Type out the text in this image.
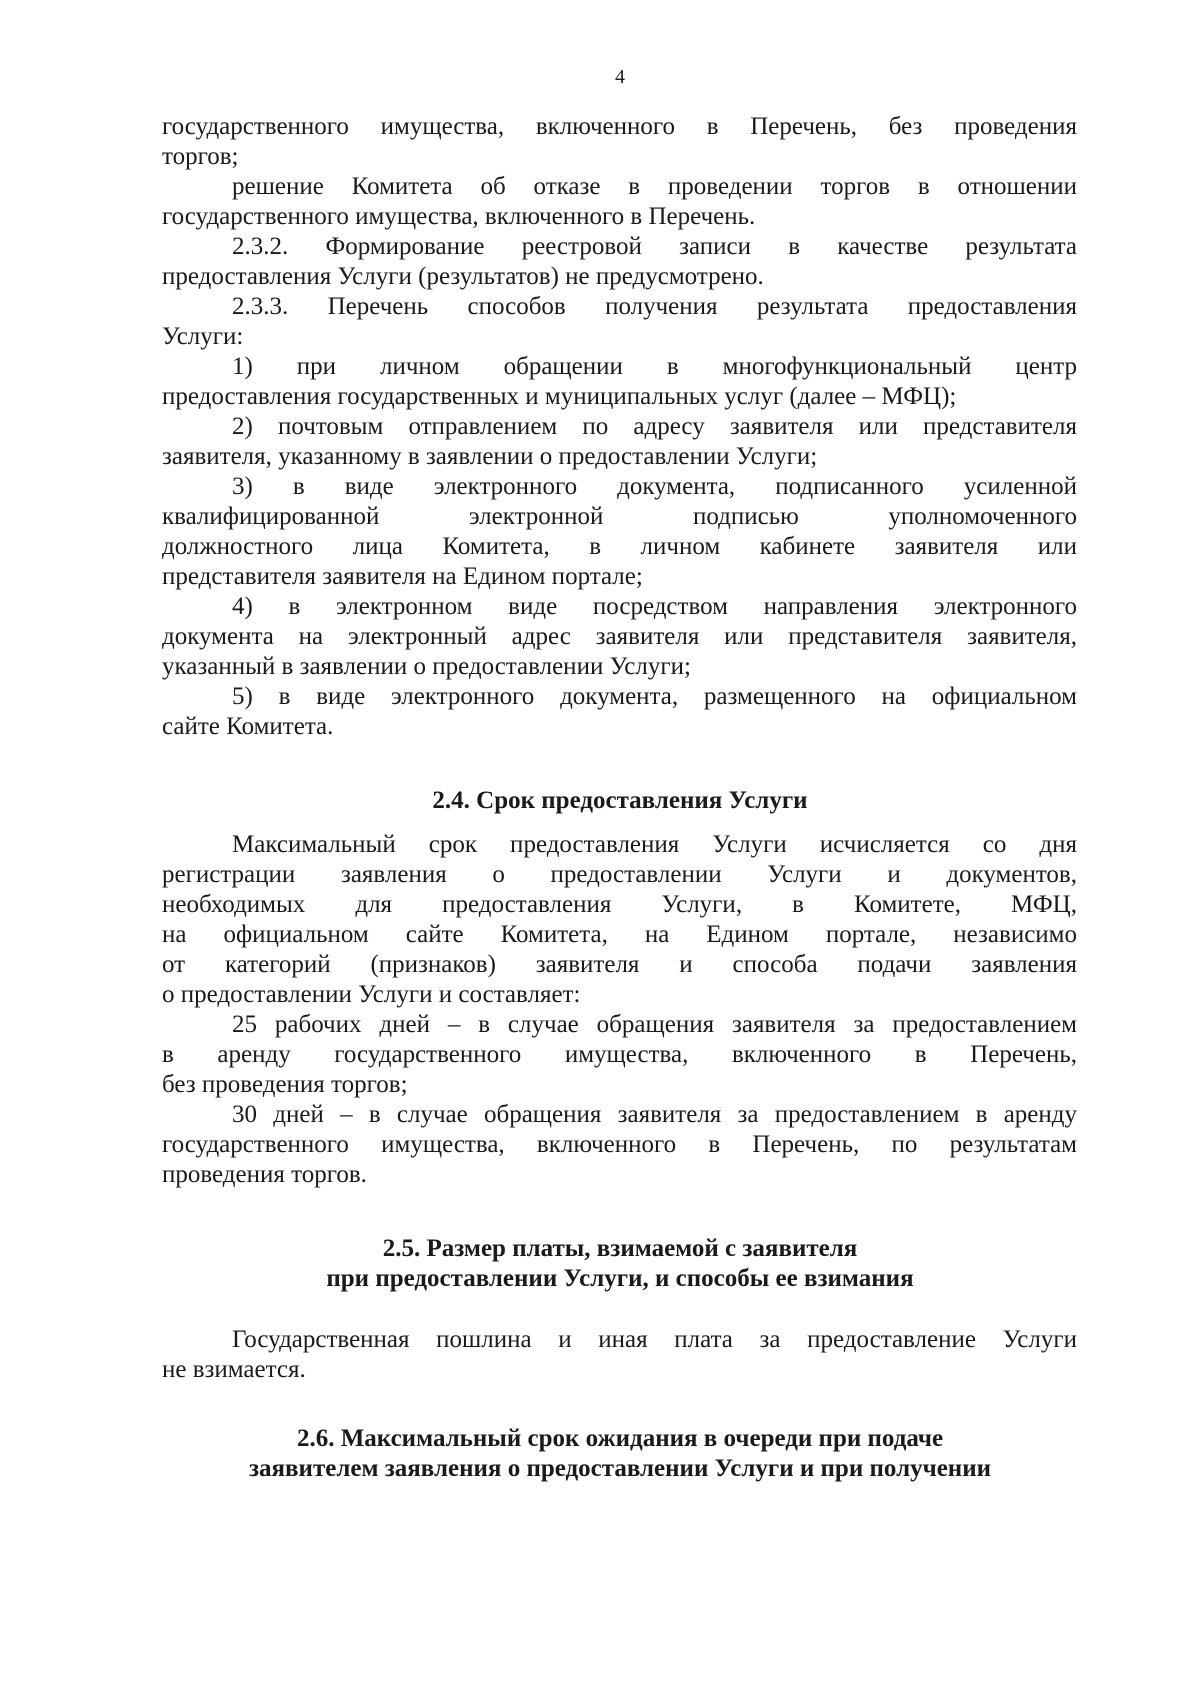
4
государственного имущества, включенного в Перечень, без проведения
торгов;
решение Комитета об отказе в проведении торгов в отношении
государственного имущества, включенного в Перечень.
2.3.2. Формирование реестровой записи в качестве результата
предоставления Услуги (результатов) не предусмотрено.
2.3.3. Перечень способов получения результата предоставления
Услуги:
1) при личном обращении в многофункциональный центр
предоставления государственных и муниципальных услуг (далее – МФЦ);
2) почтовым отправлением по адресу заявителя или представителя
заявителя, указанному в заявлении о предоставлении Услуги;
3) в виде электронного документа, подписанного усиленной
квалифицированной электронной подписью уполномоченного
должностного лица Комитета, в личном кабинете заявителя или
представителя заявителя на Едином портале;
4) в электронном виде посредством направления электронного
документа на электронный адрес заявителя или представителя заявителя,
указанный в заявлении о предоставлении Услуги;
5) в виде электронного документа, размещенного на официальном
сайте Комитета.
2.4. Срок предоставления Услуги
Максимальный срок предоставления Услуги исчисляется со дня
регистрации заявления о предоставлении Услуги и документов,
необходимых для предоставления Услуги, в Комитете, МФЦ,
на официальном сайте Комитета, на Едином портале, независимо
от категорий (признаков) заявителя и способа подачи заявления
о предоставлении Услуги и составляет:
25 рабочих дней – в случае обращения заявителя за предоставлением
в аренду государственного имущества, включенного в Перечень,
без проведения торгов;
30 дней – в случае обращения заявителя за предоставлением в аренду
государственного имущества, включенного в Перечень, по результатам
проведения торгов.
2.5. Размер платы, взимаемой с заявителя
при предоставлении Услуги, и способы ее взимания
Государственная пошлина и иная плата за предоставление Услуги
не взимается.
2.6. Максимальный срок ожидания в очереди при подаче
заявителем заявления о предоставлении Услуги и при получении
